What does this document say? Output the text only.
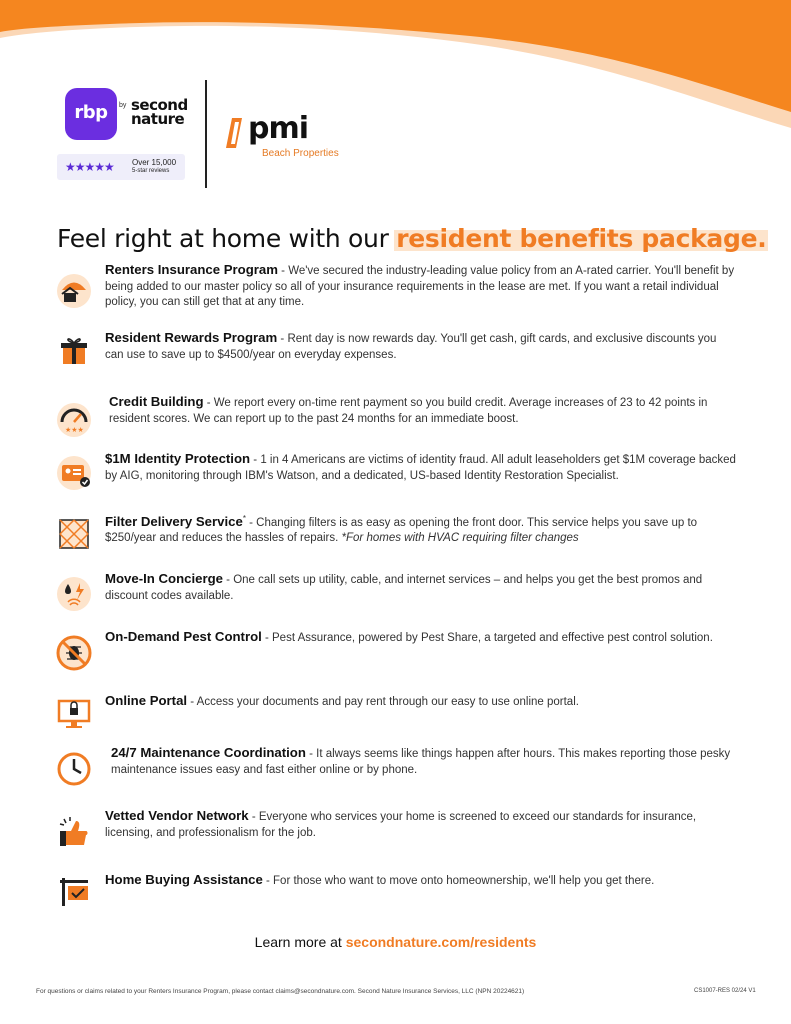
rbp	by second
nature
★★★★★ Over 15,000
5-star reviews
pmi
Beach Properties
Feel right at home with our resident benefits package.
Renters Insurance Program - We've secured the industry-leading value policy from an A-rated carrier. You'll benefit by being added to our master policy so all of your insurance requirements in the lease are met. If you want a retail individual policy, you can still get that at any time.
Resident Rewards Program - Rent day is now rewards day. You'll get cash, gift cards, and exclusive discounts you can use to save up to $4500/year on everyday expenses.
★★★
Credit Building - We report every on-time rent payment so you build credit. Average increases of 23 to 42 points in resident scores. We can report up to the past 24 months for an immediate boost.
$1M Identity Protection - 1 in 4 Americans are victims of identity fraud. All adult leaseholders get $1M coverage backed by AIG, monitoring through IBM's Watson, and a dedicated, US-based Identity Restoration Specialist.
Filter Delivery Service* - Changing filters is as easy as opening the front door. This service helps you save up to $250/year and reduces the hassles of repairs. *For homes with HVAC requiring filter changes
Move-In Concierge - One call sets up utility, cable, and internet services – and helps you get the best promos and discount codes available.
On-Demand Pest Control - Pest Assurance, powered by Pest Share, a targeted and effective pest control solution.
Online Portal - Access your documents and pay rent through our easy to use online portal.
24/7 Maintenance Coordination - It always seems like things happen after hours. This makes reporting those pesky maintenance issues easy and fast either online or by phone.
Vetted Vendor Network - Everyone who services your home is screened to exceed our standards for insurance, licensing, and professionalism for the job.
Home Buying Assistance - For those who want to move onto homeownership, we'll help you get there.
Learn more at secondnature.com/residents
For questions or claims related to your Renters Insurance Program, please contact claims@secondnature.com. Second Nature Insurance Services, LLC (NPN 20224621)	CS1007-RES 02/24 V1
